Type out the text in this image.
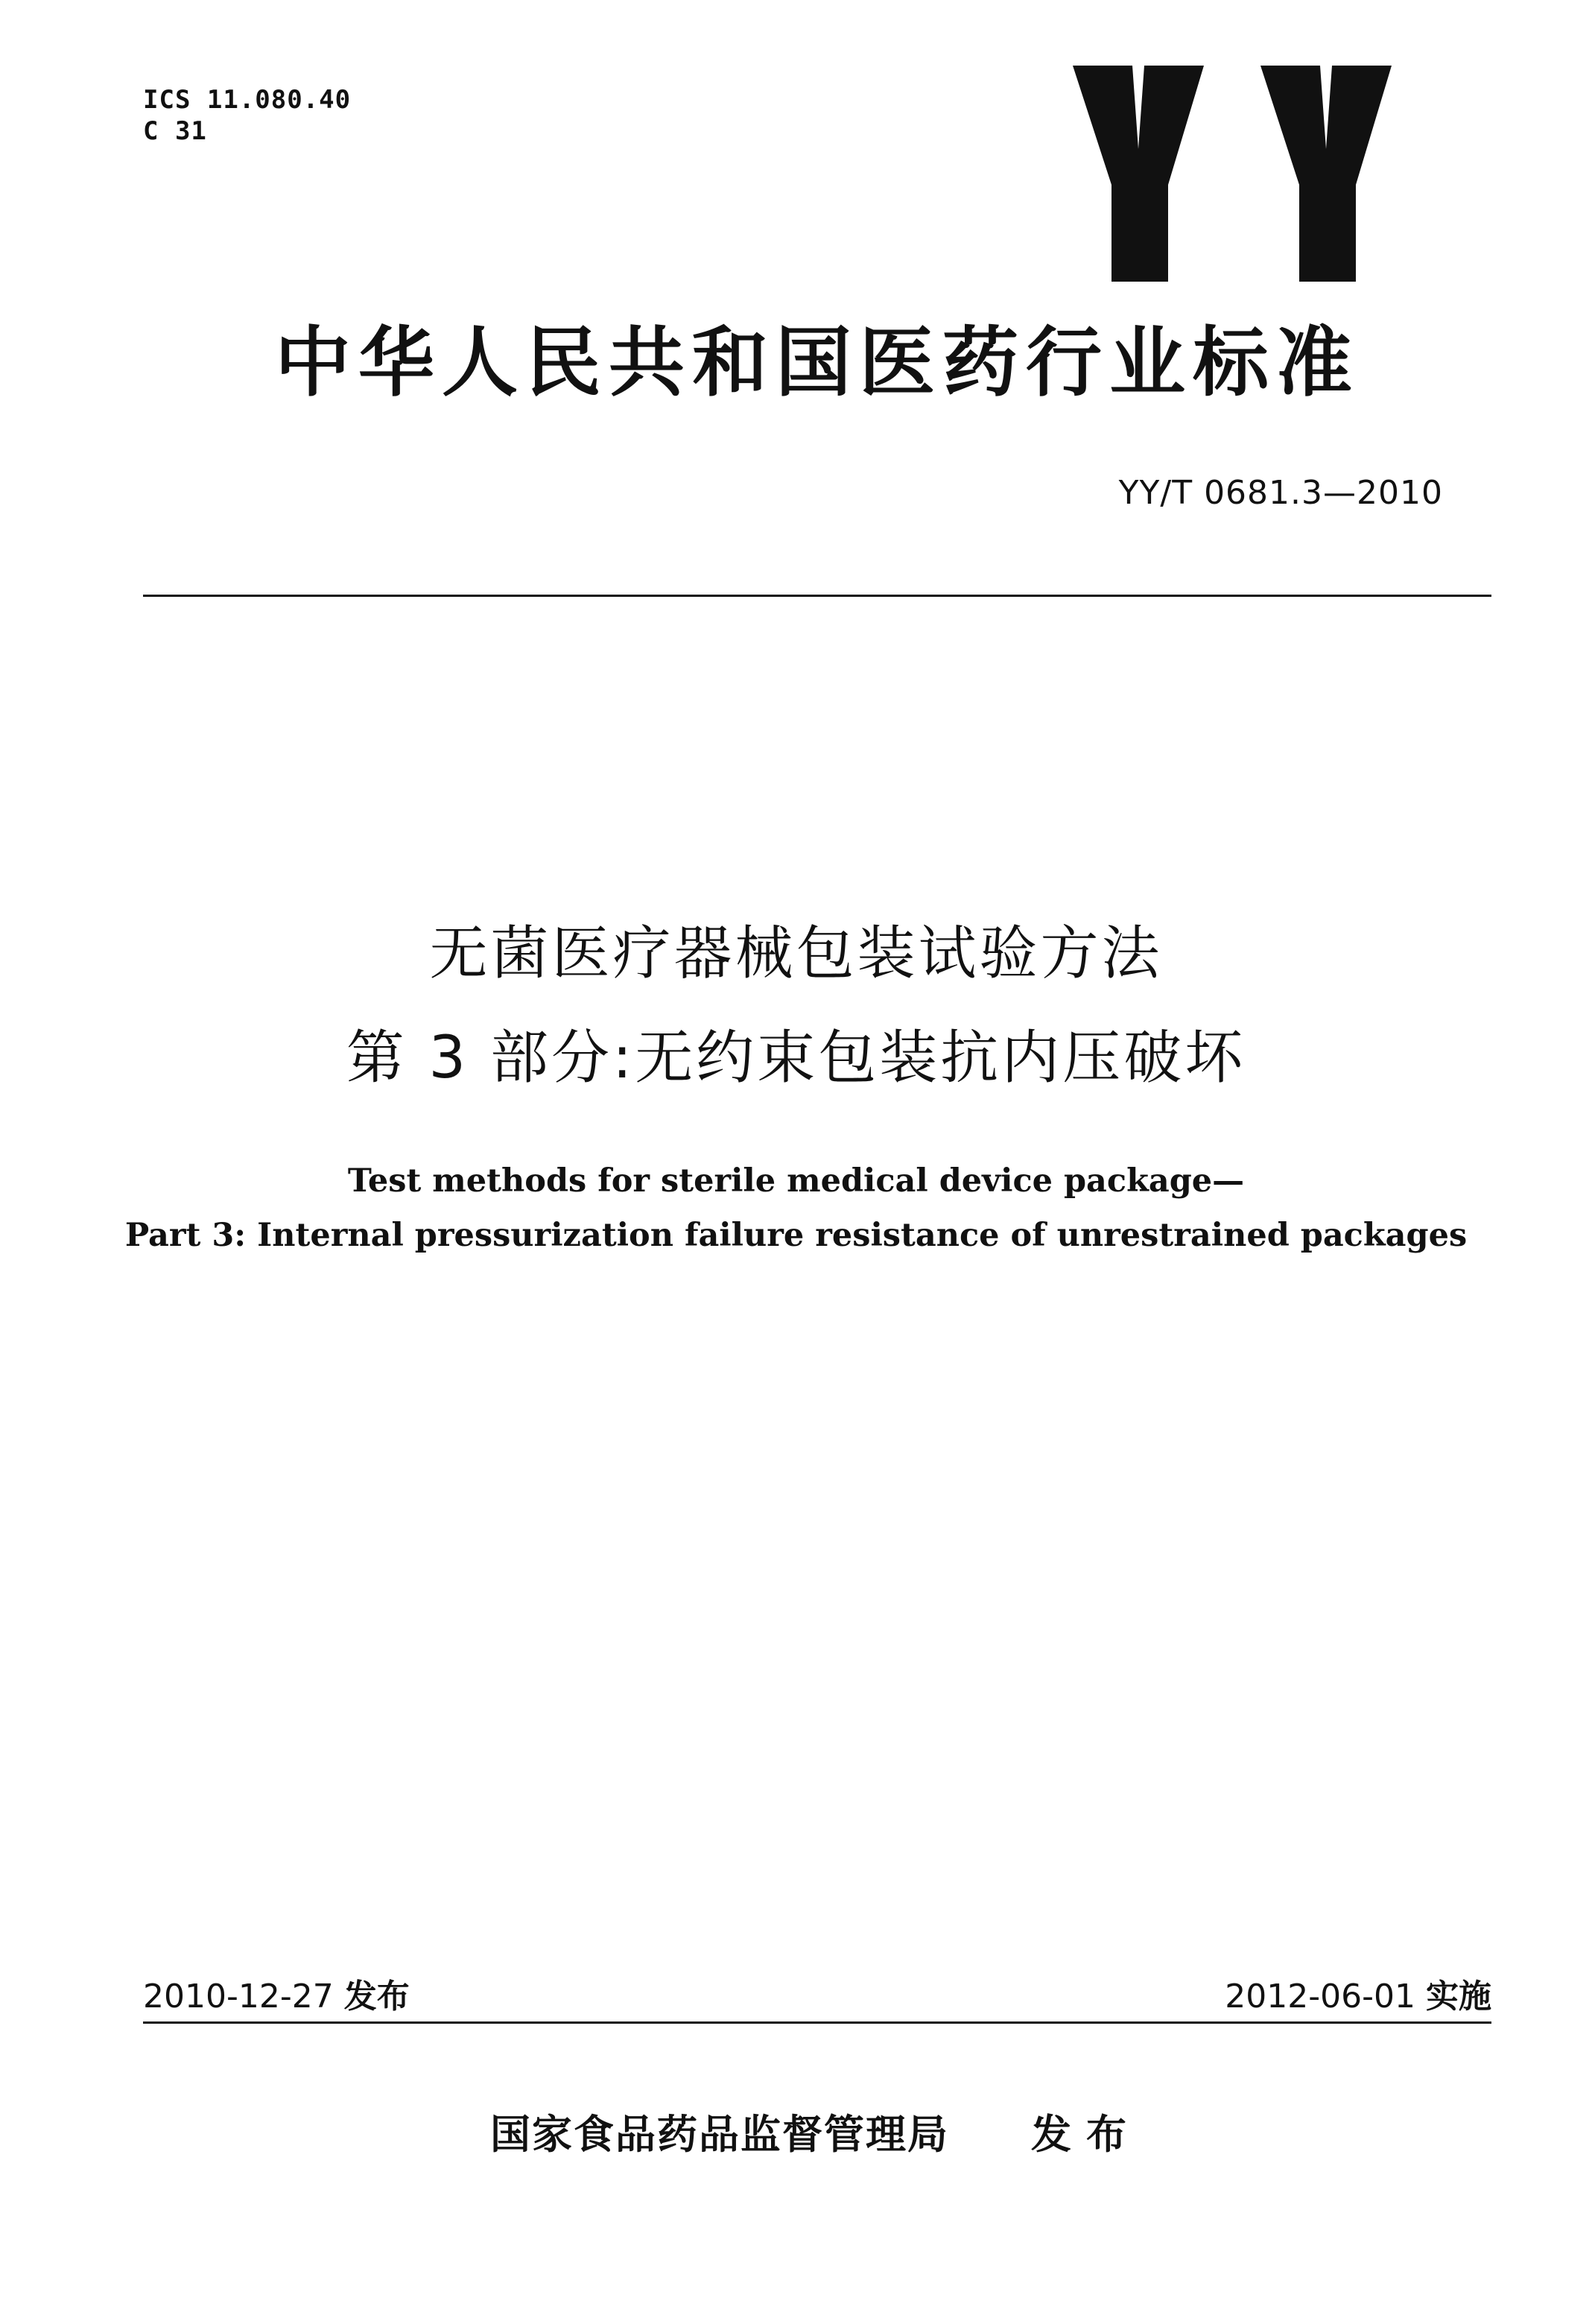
ICS 11.080.40
C 31
中华人民共和国医药行业标准
YY/T 0681.3—2010
无菌医疗器械包装试验方法
第 3 部分:无约束包装抗内压破坏
Test methods for sterile medical device package—
Part 3: Internal pressurization failure resistance of unrestrained packages
2010-12-27 发布	2012-06-01 实施
国家食品药品监督管理局 发布
